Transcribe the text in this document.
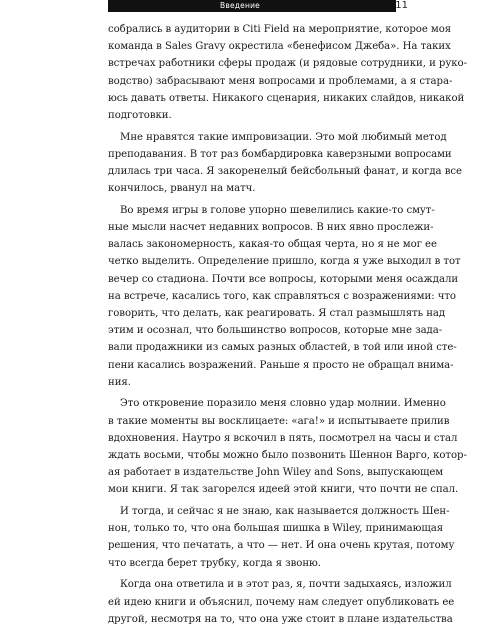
Введение	11
собрались в аудитории в Citi Field на мероприятие, которое моя
команда в Sales Gravy окрестила «бенефисом Джеба». На таких
встречах работники сферы продаж (и рядовые сотрудники, и руко-
водство) забрасывают меня вопросами и проблемами, а я стара-
юсь давать ответы. Никакого сценария, никаких слайдов, никакой
подготовки.
Мне нравятся такие импровизации. Это мой любимый метод
преподавания. В тот раз бомбардировка каверзными вопросами
длилась три часа. Я закоренелый бейсбольный фанат, и когда все
кончилось, рванул на матч.
Во время игры в голове упорно шевелились какие-то смут-
ные мысли насчет недавних вопросов. В них явно прослежи-
валась закономерность, какая-то общая черта, но я не мог ее
четко выделить. Определение пришло, когда я уже выходил в тот
вечер со стадиона. Почти все вопросы, которыми меня осаждали
на встрече, касались того, как справляться с возражениями: что
говорить, что делать, как реагировать. Я стал размышлять над
этим и осознал, что большинство вопросов, которые мне зада-
вали продажники из самых разных областей, в той или иной сте-
пени касались возражений. Раньше я просто не обращал внима-
ния.
Это откровение поразило меня словно удар молнии. Именно
в такие моменты вы восклицаете: «ага!» и испытываете прилив
вдохновения. Наутро я вскочил в пять, посмотрел на часы и стал
ждать восьми, чтобы можно было позвонить Шеннон Варго, котор-
ая работает в издательстве John Wiley and Sons, выпускающем
мои книги. Я так загорелся идеей этой книги, что почти не спал.
И тогда, и сейчас я не знаю, как называется должность Шен-
нон, только то, что она большая шишка в Wiley, принимающая
решения, что печатать, а что — нет. И она очень крутая, потому
что всегда берет трубку, когда я звоню.
Когда она ответила и в этот раз, я, почти задыхаясь, изложил
ей идею книги и объяснил, почему нам следует опубликовать ее
другой, несмотря на то, что она уже стоит в плане издательства
